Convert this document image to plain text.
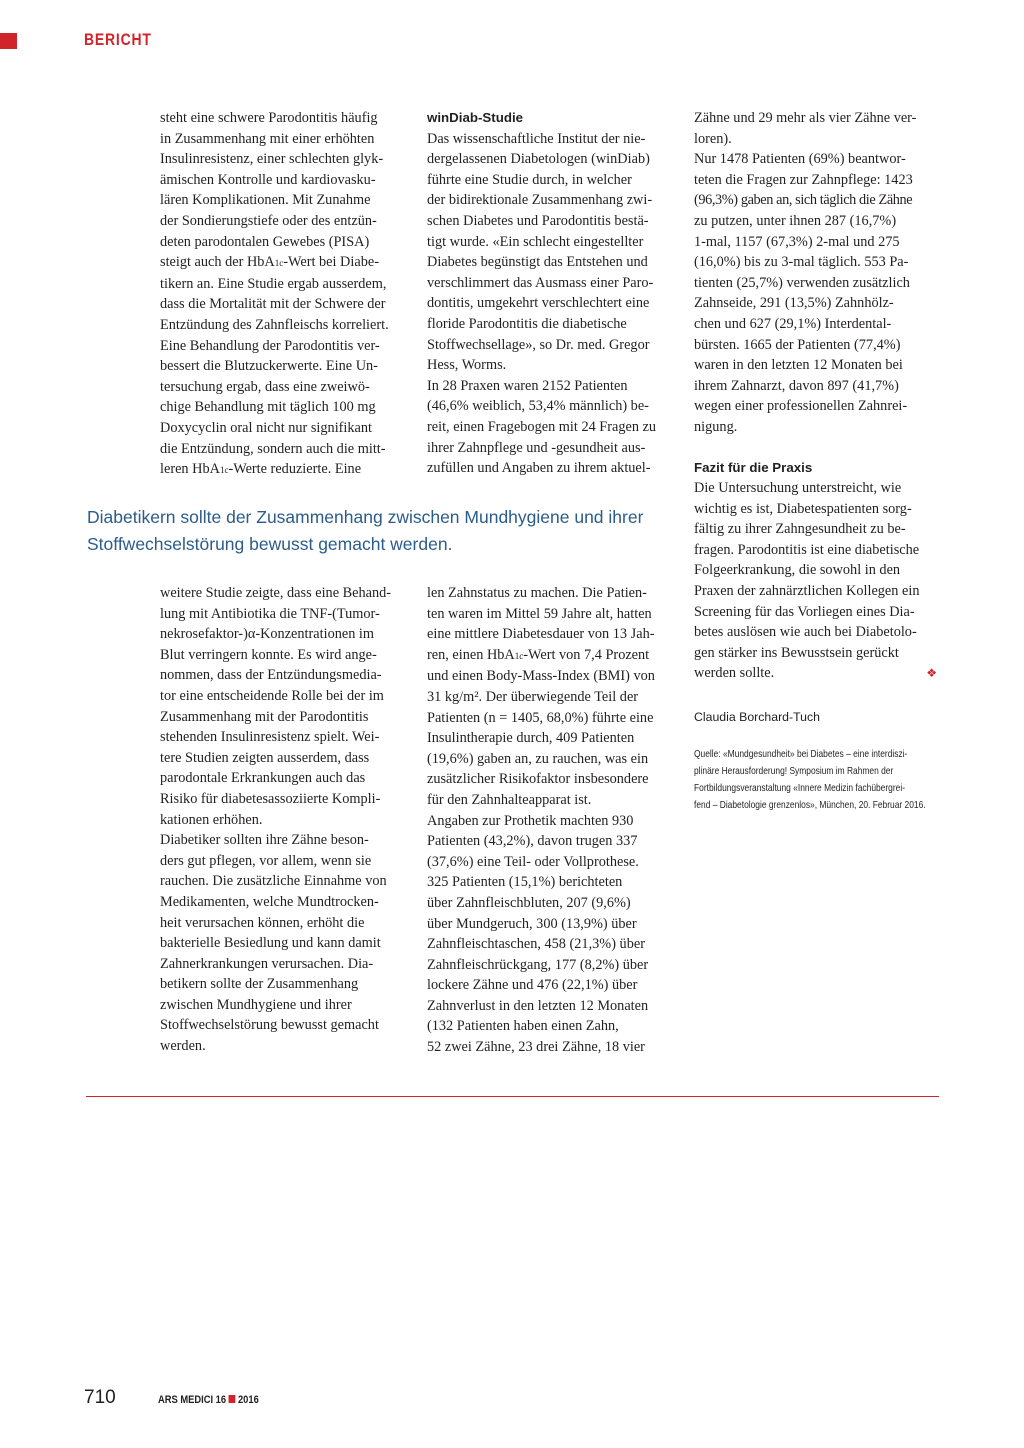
BERICHT

steht eine schwere Parodontitis häufig

in Zusammenhang mit einer erhöhten

Insulinresistenz, einer schlechten glyk-

ämischen Kontrolle und kardiovasku-

lären Komplikationen. Mit Zunahme

der Sondierungstiefe oder des entzün-

deten parodontalen Gewebes (PISA)

steigt auch der HbA1c-Wert bei Diabe-

tikern an. Eine Studie ergab ausserdem,

dass die Mortalität mit der Schwere der

Entzündung des Zahnfleischs korreliert.

Eine Behandlung der Parodontitis ver-

bessert die Blutzuckerwerte. Eine Un-

tersuchung ergab, dass eine zweiwö-

chige Behandlung mit täglich 100 mg

Doxycyclin oral nicht nur signifikant

die Entzündung, sondern auch die mitt-

leren HbA1c-Werte reduzierte. Eine

winDiab-Studie

Das wissenschaftliche Institut der nie-

dergelassenen Diabetologen (winDiab)

führte eine Studie durch, in welcher

der bidirektionale Zusammenhang zwi-

schen Diabetes und Parodontitis bestä-

tigt wurde. «Ein schlecht eingestellter

Diabetes begünstigt das Entstehen und

verschlimmert das Ausmass einer Paro-

dontitis, umgekehrt verschlechtert eine

floride Parodontitis die diabetische

Stoffwechsellage», so Dr. med. Gregor

Hess, Worms.

In 28 Praxen waren 2152 Patienten

(46,6% weiblich, 53,4% männlich) be-

reit, einen Fragebogen mit 24 Fragen zu

ihrer Zahnpflege und -gesundheit aus-

zufüllen und Angaben zu ihrem aktuel-

Diabetikern sollte der Zusammenhang zwischen Mundhygiene und ihrer
Stoffwechselstörung bewusst gemacht werden.

weitere Studie zeigte, dass eine Behand-

lung mit Antibiotika die TNF-(Tumor-

nekrosefaktor-)α-Konzentrationen im

Blut verringern konnte. Es wird ange-

nommen, dass der Entzündungsmedia-

tor eine entscheidende Rolle bei der im

Zusammenhang mit der Parodontitis

stehenden Insulinresistenz spielt. Wei-

tere Studien zeigten ausserdem, dass

parodontale Erkrankungen auch das

Risiko für diabetesassoziierte Kompli-

kationen erhöhen.

Diabetiker sollten ihre Zähne beson-

ders gut pflegen, vor allem, wenn sie

rauchen. Die zusätzliche Einnahme von

Medikamenten, welche Mundtrocken-

heit verursachen können, erhöht die

bakterielle Besiedlung und kann damit

Zahnerkrankungen verursachen. Dia-

betikern sollte der Zusammenhang

zwischen Mundhygiene und ihrer

Stoffwechselstörung bewusst gemacht

werden.

len Zahnstatus zu machen. Die Patien-

ten waren im Mittel 59 Jahre alt, hatten

eine mittlere Diabetesdauer von 13 Jah-

ren, einen HbA1c-Wert von 7,4 Prozent

und einen Body-Mass-Index (BMI) von

31 kg/m². Der überwiegende Teil der

Patienten (n = 1405, 68,0%) führte eine

Insulintherapie durch, 409 Patienten

(19,6%) gaben an, zu rauchen, was ein

zusätzlicher Risikofaktor insbesondere

für den Zahnhalteapparat ist.

Angaben zur Prothetik machten 930

Patienten (43,2%), davon trugen 337

(37,6%) eine Teil- oder Vollprothese.

325 Patienten (15,1%) berichteten

über Zahnfleischbluten, 207 (9,6%)

über Mundgeruch, 300 (13,9%) über

Zahnfleischtaschen, 458 (21,3%) über

Zahnfleischrückgang, 177 (8,2%) über

lockere Zähne und 476 (22,1%) über

Zahnverlust in den letzten 12 Monaten

(132 Patienten haben einen Zahn,

52 zwei Zähne, 23 drei Zähne, 18 vier

Zähne und 29 mehr als vier Zähne ver-

loren).

Nur 1478 Patienten (69%) beantwor-

teten die Fragen zur Zahnpflege: 1423

(96,3%) gaben an, sich täglich die Zähne

zu putzen, unter ihnen 287 (16,7%)

1-mal, 1157 (67,3%) 2-mal und 275

(16,0%) bis zu 3-mal täglich. 553 Pa-

tienten (25,7%) verwenden zusätzlich

Zahnseide, 291 (13,5%) Zahnhölz-

chen und 627 (29,1%) Interdental-

bürsten. 1665 der Patienten (77,4%)

waren in den letzten 12 Monaten bei

ihrem Zahnarzt, davon 897 (41,7%)

wegen einer professionellen Zahnrei-

nigung.

Fazit für die Praxis

Die Untersuchung unterstreicht, wie

wichtig es ist, Diabetespatienten sorg-

fältig zu ihrer Zahngesundheit zu be-

fragen. Parodontitis ist eine diabetische

Folgeerkrankung, die sowohl in den

Praxen der zahnärztlichen Kollegen ein

Screening für das Vorliegen eines Dia-

betes auslösen wie auch bei Diabetolo-

gen stärker ins Bewusstsein gerückt

werden sollte.	❖

Claudia Borchard-Tuch
Quelle: «Mundgesundheit» bei Diabetes – eine interdiszi-
plinäre Herausforderung! Symposium im Rahmen der
Fortbildungsveranstaltung «Innere Medizin fachübergrei-
fend – Diabetologie grenzenlos», München, 20. Februar 2016.
710	ARS MEDICI 16 2016
